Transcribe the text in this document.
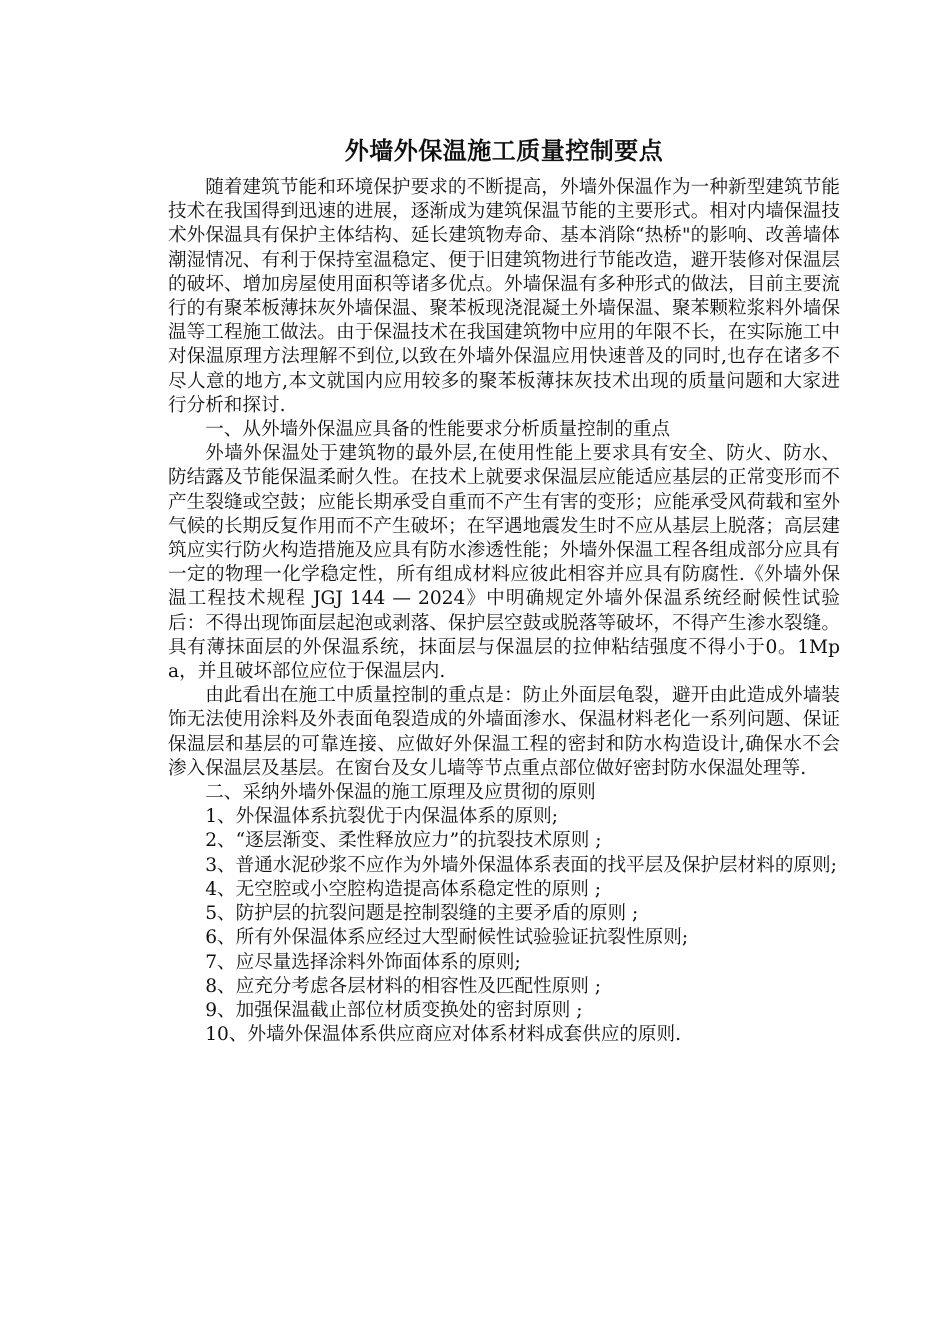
外墙外保温施工质量控制要点

随着建筑节能和环境保护要求的不断提高，外墙外保温作为一种新型建筑节能技术在我国得到迅速的进展，逐渐成为建筑保温节能的主要形式。相对内墙保温技术外保温具有保护主体结构、延长建筑物寿命、基本消除“热桥"的影响、改善墙体潮湿情况、有利于保持室温稳定、便于旧建筑物进行节能改造，避开装修对保温层的破坏、增加房屋使用面积等诸多优点。外墙保温有多种形式的做法，目前主要流行的有聚苯板薄抹灰外墙保温、聚苯板现浇混凝土外墙保温、聚苯颗粒浆料外墙保温等工程施工做法。由于保温技术在我国建筑物中应用的年限不长，在实际施工中对保温原理方法理解不到位,以致在外墙外保温应用快速普及的同时,也存在诸多不尽人意的地方,本文就国内应用较多的聚苯板薄抹灰技术出现的质量问题和大家进行分析和探讨.

一、从外墙外保温应具备的性能要求分析质量控制的重点

外墙外保温处于建筑物的最外层,在使用性能上要求具有安全、防火、防水、防结露及节能保温柔耐久性。在技术上就要求保温层应能适应基层的正常变形而不产生裂缝或空鼓；应能长期承受自重而不产生有害的变形；应能承受风荷载和室外气候的长期反复作用而不产生破坏；在罕遇地震发生时不应从基层上脱落；高层建筑应实行防火构造措施及应具有防水渗透性能；外墙外保温工程各组成部分应具有一定的物理一化学稳定性，所有组成材料应彼此相容并应具有防腐性.《外墙外保温工程技术规程 JGJ 144 — 2024》中明确规定外墙外保温系统经耐候性试验后：不得出现饰面层起泡或剥落、保护层空鼓或脱落等破坏，不得产生渗水裂缝。具有薄抹面层的外保温系统，抹面层与保温层的拉伸粘结强度不得小于0。1Mpa，并且破坏部位应位于保温层内.

由此看出在施工中质量控制的重点是：防止外面层龟裂，避开由此造成外墙装饰无法使用涂料及外表面龟裂造成的外墙面渗水、保温材料老化一系列问题、保证保温层和基层的可靠连接、应做好外保温工程的密封和防水构造设计,确保水不会渗入保温层及基层。在窗台及女儿墙等节点重点部位做好密封防水保温处理等.

二、采纳外墙外保温的施工原理及应贯彻的原则

1、外保温体系抗裂优于内保温体系的原则;

2、“逐层渐变、柔性释放应力”的抗裂技术原则 ;

3、普通水泥砂浆不应作为外墙外保温体系表面的找平层及保护层材料的原则;

4、无空腔或小空腔构造提高体系稳定性的原则 ;

5、防护层的抗裂问题是控制裂缝的主要矛盾的原则 ;

6、所有外保温体系应经过大型耐候性试验验证抗裂性原则;

7、应尽量选择涂料外饰面体系的原则;

8、应充分考虑各层材料的相容性及匹配性原则 ;

9、加强保温截止部位材质变换处的密封原则 ;

10、外墙外保温体系供应商应对体系材料成套供应的原则.
